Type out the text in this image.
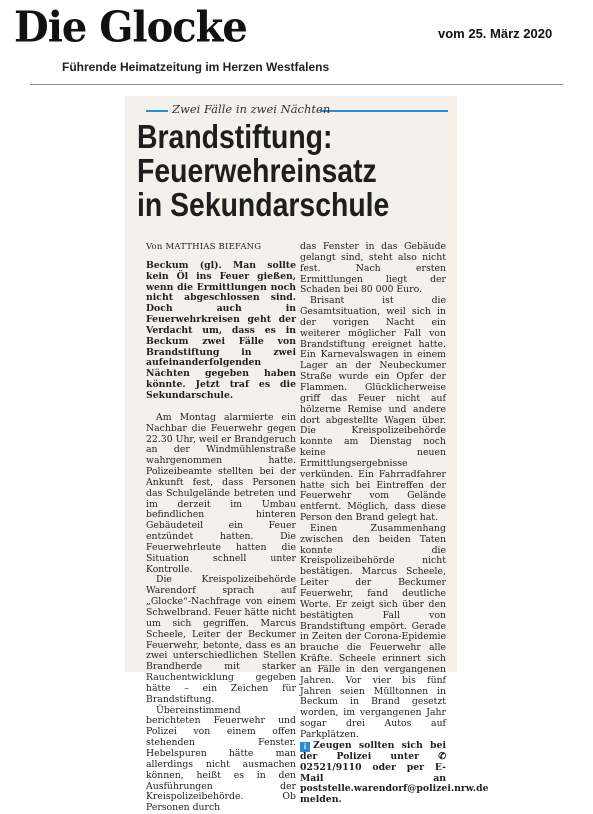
Die Glocke
Führende Heimatzeitung im Herzen Westfalens
vom 25. März 2020
Zwei Fälle in zwei Nächten
Brandstiftung:
Feuerwehreinsatz
in Sekundarschule

Von MATTHIAS BIEFANG

Beckum (gl). Man sollte kein Öl ins Feuer gießen, wenn die Ermittlungen noch nicht abgeschlossen sind. Doch auch in Feuerwehrkreisen geht der Verdacht um, dass es in Beckum zwei Fälle von Brandstiftung in zwei aufeinanderfolgenden Nächten gegeben haben könnte. Jetzt traf es die Sekundarschule.

Am Montag alarmierte ein Nachbar die Feuerwehr gegen 22.30 Uhr, weil er Brandgeruch an der Windmühlenstraße wahrgenommen hatte. Polizeibeamte stellten bei der Ankunft fest, dass Personen das Schulgelände betreten und im derzeit im Umbau befindlichen hinteren Gebäudeteil ein Feuer entzündet hatten. Die Feuerwehrleute hatten die Situation schnell unter Kontrolle.

Die Kreispolizeibehörde Warendorf sprach auf „Glocke“-Nachfrage von einem Schwelbrand. Feuer hätte nicht um sich gegriffen. Marcus Scheele, Leiter der Beckumer Feuerwehr, betonte, dass es an zwei unterschiedlichen Stellen Brandherde mit starker Rauchentwicklung gegeben hätte – ein Zeichen für Brandstiftung.

Übereinstimmend berichteten Feuerwehr und Polizei von einem offen stehenden Fenster. Hebelspuren hätte man allerdings nicht ausmachen können, heißt es in den Ausführungen der Kreispolizeibehörde. Ob Personen durch

das Fenster in das Gebäude gelangt sind, steht also nicht fest. Nach ersten Ermittlungen liegt der Schaden bei 80 000 Euro.

Brisant ist die Gesamtsituation, weil sich in der vorigen Nacht ein weiterer möglicher Fall von Brandstiftung ereignet hatte. Ein Karnevalswagen in einem Lager an der Neubeckumer Straße wurde ein Opfer der Flammen. Glücklicherweise griff das Feuer nicht auf hölzerne Remise und andere dort abgestellte Wagen über. Die Kreispolizeibehörde konnte am Dienstag noch keine neuen Ermittlungsergebnisse verkünden. Ein Fahrradfahrer hatte sich bei Eintreffen der Feuerwehr vom Gelände entfernt. Möglich, dass diese Person den Brand gelegt hat.

Einen Zusammenhang zwischen den beiden Taten konnte die Kreispolizeibehörde nicht bestätigen. Marcus Scheele, Leiter der Beckumer Feuerwehr, fand deutliche Worte. Er zeigt sich über den bestätigten Fall von Brandstiftung empört. Gerade in Zeiten der Corona-Epidemie brauche die Feuerwehr alle Kräfte. Scheele erinnert sich an Fälle in den vergangenen Jahren. Vor vier bis fünf Jahren seien Mülltonnen in Beckum in Brand gesetzt worden, im vergangenen Jahr sogar drei Autos auf Parkplätzen.

i Zeugen sollten sich bei der Polizei unter ✆ 02521/9110 oder per E-Mail an poststelle.warendorf@polizei.nrw.de melden.
